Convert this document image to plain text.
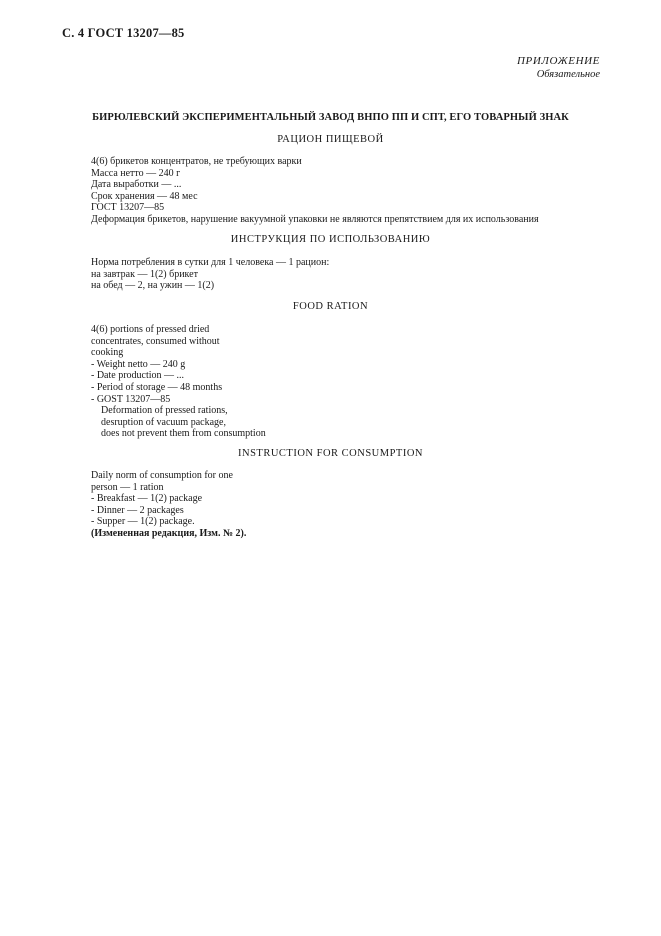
С. 4 ГОСТ 13207—85
ПРИЛОЖЕНИЕ
Обязательное
БИРЮЛЕВСКИЙ ЭКСПЕРИМЕНТАЛЬНЫЙ ЗАВОД ВНПО ПП И СПТ, ЕГО ТОВАРНЫЙ ЗНАК
РАЦИОН ПИЩЕВОЙ
4(6) брикетов концентратов, не требующих варки
Масса нетто — 240 г
Дата выработки — ...
Срок хранения — 48 мес
ГОСТ 13207—85
Деформация брикетов, нарушение вакуумной упаковки не являются препятствием для их использования
ИНСТРУКЦИЯ ПО ИСПОЛЬЗОВАНИЮ
Норма потребления в сутки для 1 человека — 1 рацион:
на завтрак — 1(2) брикет
на обед — 2, на ужин — 1(2)
FOOD RATION
4(6) portions of pressed dried
concentrates, consumed without
cooking
- Weight netto — 240 g
- Date production — ...
- Period of storage — 48 months
- GOST 13207—85
Deformation of pressed rations,
desruption of vacuum package,
does not prevent them from consumption
INSTRUCTION FOR CONSUMPTION
Daily norm of consumption for one
person — 1 ration
- Breakfast — 1(2) package
- Dinner — 2 packages
- Supper — 1(2) package.
(Измененная редакция, Изм. № 2).
